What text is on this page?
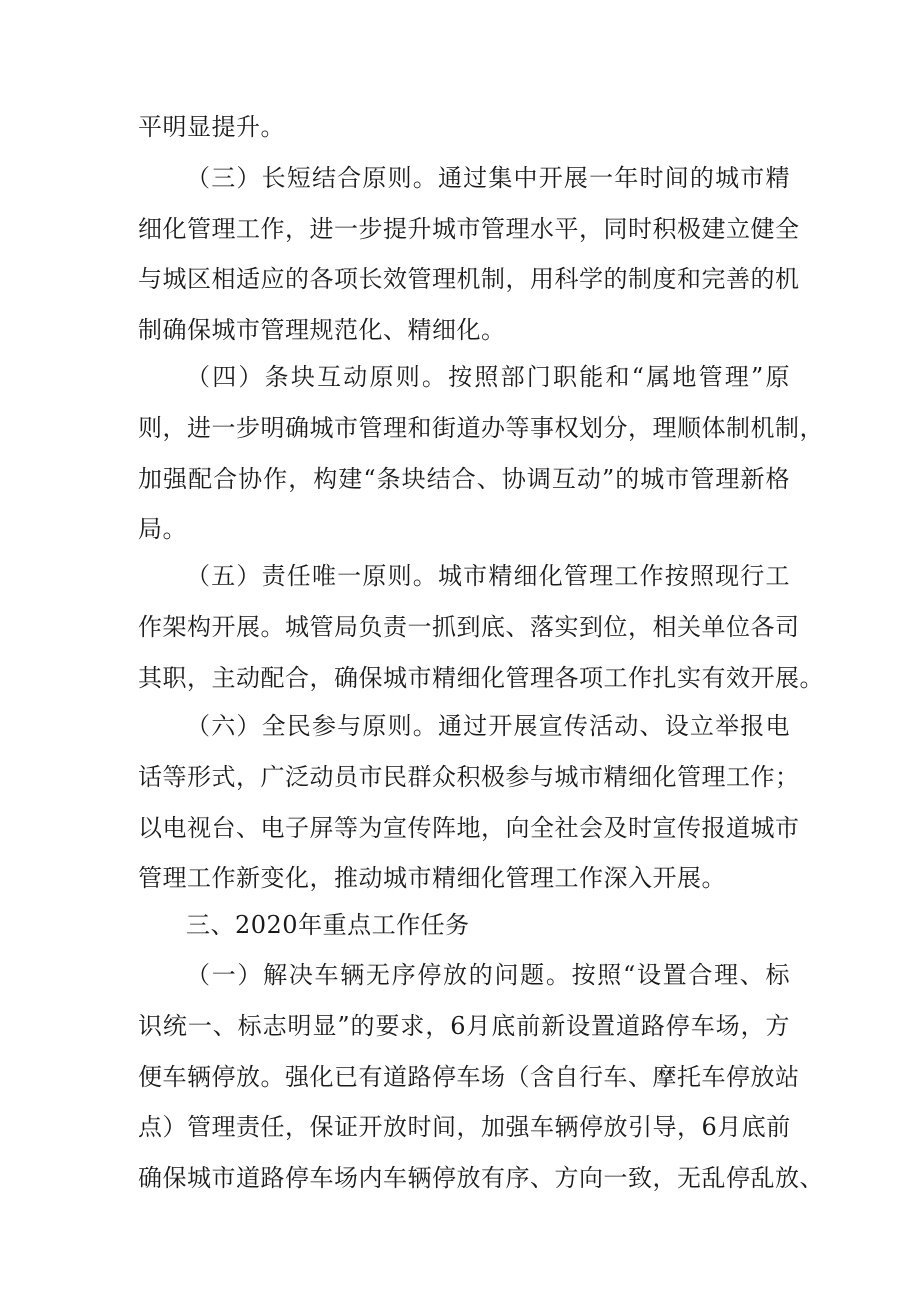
平明显提升。
（三）长短结合原则。通过集中开展一年时间的城市精
细化管理工作，进一步提升城市管理水平，同时积极建立健全
与城区相适应的各项长效管理机制，用科学的制度和完善的机
制确保城市管理规范化、精细化。
（四）条块互动原则。按照部门职能和“属地管理”原
则，进一步明确城市管理和街道办等事权划分，理顺体制机制，
加强配合协作，构建“条块结合、协调互动”的城市管理新格
局。
（五）责任唯一原则。城市精细化管理工作按照现行工
作架构开展。城管局负责一抓到底、落实到位，相关单位各司
其职，主动配合，确保城市精细化管理各项工作扎实有效开展。
（六）全民参与原则。通过开展宣传活动、设立举报电
话等形式，广泛动员市民群众积极参与城市精细化管理工作；
以电视台、电子屏等为宣传阵地，向全社会及时宣传报道城市
管理工作新变化，推动城市精细化管理工作深入开展。
三、2020年重点工作任务
（一）解决车辆无序停放的问题。按照“设置合理、标
识统一、标志明显”的要求，6月底前新设置道路停车场，方
便车辆停放。强化已有道路停车场（含自行车、摩托车停放站
点）管理责任，保证开放时间，加强车辆停放引导，6月底前
确保城市道路停车场内车辆停放有序、方向一致，无乱停乱放、
